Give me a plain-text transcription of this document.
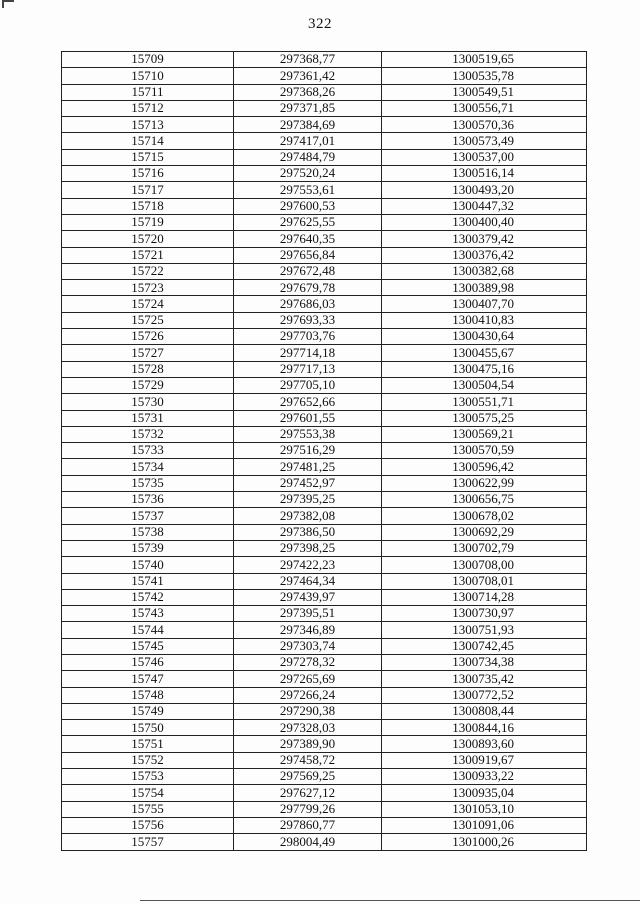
322
15709	297368,77	1300519,65
15710	297361,42	1300535,78
15711	297368,26	1300549,51
15712	297371,85	1300556,71
15713	297384,69	1300570,36
15714	297417,01	1300573,49
15715	297484,79	1300537,00
15716	297520,24	1300516,14
15717	297553,61	1300493,20
15718	297600,53	1300447,32
15719	297625,55	1300400,40
15720	297640,35	1300379,42
15721	297656,84	1300376,42
15722	297672,48	1300382,68
15723	297679,78	1300389,98
15724	297686,03	1300407,70
15725	297693,33	1300410,83
15726	297703,76	1300430,64
15727	297714,18	1300455,67
15728	297717,13	1300475,16
15729	297705,10	1300504,54
15730	297652,66	1300551,71
15731	297601,55	1300575,25
15732	297553,38	1300569,21
15733	297516,29	1300570,59
15734	297481,25	1300596,42
15735	297452,97	1300622,99
15736	297395,25	1300656,75
15737	297382,08	1300678,02
15738	297386,50	1300692,29
15739	297398,25	1300702,79
15740	297422,23	1300708,00
15741	297464,34	1300708,01
15742	297439,97	1300714,28
15743	297395,51	1300730,97
15744	297346,89	1300751,93
15745	297303,74	1300742,45
15746	297278,32	1300734,38
15747	297265,69	1300735,42
15748	297266,24	1300772,52
15749	297290,38	1300808,44
15750	297328,03	1300844,16
15751	297389,90	1300893,60
15752	297458,72	1300919,67
15753	297569,25	1300933,22
15754	297627,12	1300935,04
15755	297799,26	1301053,10
15756	297860,77	1301091,06
15757	298004,49	1301000,26
